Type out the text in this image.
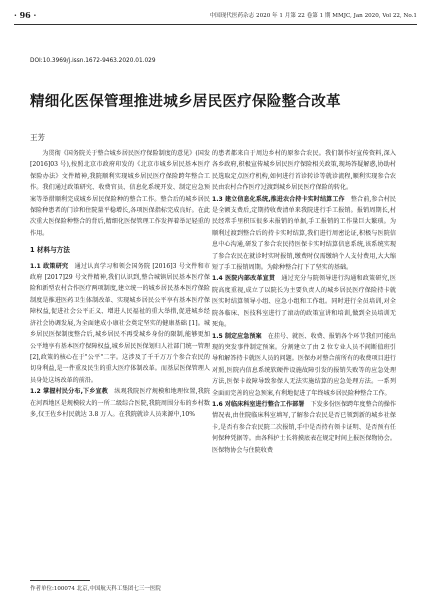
· 96 ·	中国现代医药杂志 2020 年 1 月第 22 卷第 1 期 MMJC, Jan 2020, Vol 22, No.1
DOI:10.3969/j.issn.1672-9463.2020.01.029
精细化医保管理推进城乡居民医疗保险整合改革
王芳

为贯彻《国务院关于整合城乡居民医疗保险制度的意见》(国发 [2016]03 号),按照北京市政府印发的《北京市城乡居民基本医疗保险办法》文件精神,我院顺利实现城乡居民医疗保险跨年整合工作。我们通过政策研究、收费官员、信息化系统开发、制定应急预案等举措顺利完成城乡居民保险种的整合工作。整合后的城乡居民保险种患者的门诊和住院量平稳增长,各项医保指标完成良好。在此次重大医保险种整合的背后,精细化医保管理工作发挥着举足轻重的作用。

1 材料与方法

1.1 政策研究  通过认真学习和领会国务院 [2016]3 号文件和市政府 [2017]29 号文件精神,我们认识到,整合城镇居民基本医疗保险和新型农村合作医疗两项制度,建立统一的城乡居民基本医疗保险制度是推进医药卫生体制改革、实现城乡居民公平享有基本医疗保障权益,促进社会公平正义、增进人民福祉的重大举措,促进城乡经济社会协调发展,为全面建成小康社会奠定坚实的健康基础 [1]。城乡居民医保制度整合后,城乡居民不再受城乡身份的限制,能够更加公平地享有基本医疗保障权益,城乡居民医保划归人社部门统一管理 [2],政策的核心在于"公平"二字。这涉及了千千万万个参合农民的切身利益,是一件重及民生的重大医疗体制改革。而基层医保管理人员身处这场改革的前沿。

1.2 掌握村民分布,下乡宣教  纵观我院医疗规模和地理位置,我院在河西地区是规模较大的一所二级综合医院,我院周围分布的乡村数多,仅王佐乡村民就达 3.8 万人。在我院就诊人员来源中,10%

作者单位:100074 北京,中国航天科工集团七三一医院

的患者都来自于周边乡村的原参合农民。我们制作好宣传资料,深入各乡政府,积极宣传城乡居民医疗保险相关政策,现场答疑解惑,协助村民选取定点医疗机构,如何进行首诊转诊等就诊流程,顺利实现参合农民由农村合作医疗过渡到城乡居民医疗保险的转化。

1.3 建立信息化系统,推进农合持卡实时结算工作  整合前,参合村民是全额支费后,定期持收费清单来我院进行手工报销。报销周期长,村民经常手里积压很多未报销的单据,手工报销的工作量巨大繁琐。为顺利过渡到整合后的持卡实时结算,我们进行周密论证,积极与医院信息中心沟通,研发了参合农民持医保卡实时结算信息系统,该系统实现了参合农民在就诊时实时报销,缴费时仅需缴纳个人支付费用,大大缩短了手工报销周期。为除种整合打下了坚实的基础。

1.4 医院内部改革宣贯  通过充分与院领导进行沟通和政策研究,医院高度重视,成立了以院长为主要负责人的城乡居民医疗保险持卡就医实时结算领导小组、应急小组和工作组。同时进行全员培训,对全院各临床、医技科室进行了滚动的政策宣讲和培训,做到全员培训无死角。

1.5 制定应急预案  在挂号、就医、收费、报销各个环节我们可能出现的突发事件制定预案。分割建立了由 2 位专业人员不间断值班引导和解答持卡就医人员的问题。医保办对整合前所有的收费项目进行对照,医院内信息系统软硬件设施故障引发的报销失败等的应急处理方法,医保卡故障导致参保人无法实施结算的应急处理方法。一系列全面而完善的应急预案,有利地促进了年终城乡居民险种整合工作。

1.6 对临床科室进行整合工作部署  下发多份医保跨年度整合的操作情况表,由住院临床科室填写,了解参合农民是否已领到新的城乡社保卡,是否有参合农民院二次报销,手中是否持有领卡证明、是否预有任何保种凭据等。由各科护士长将摸底表在规定时间上报医保物协会。医保物协会与住院收费
